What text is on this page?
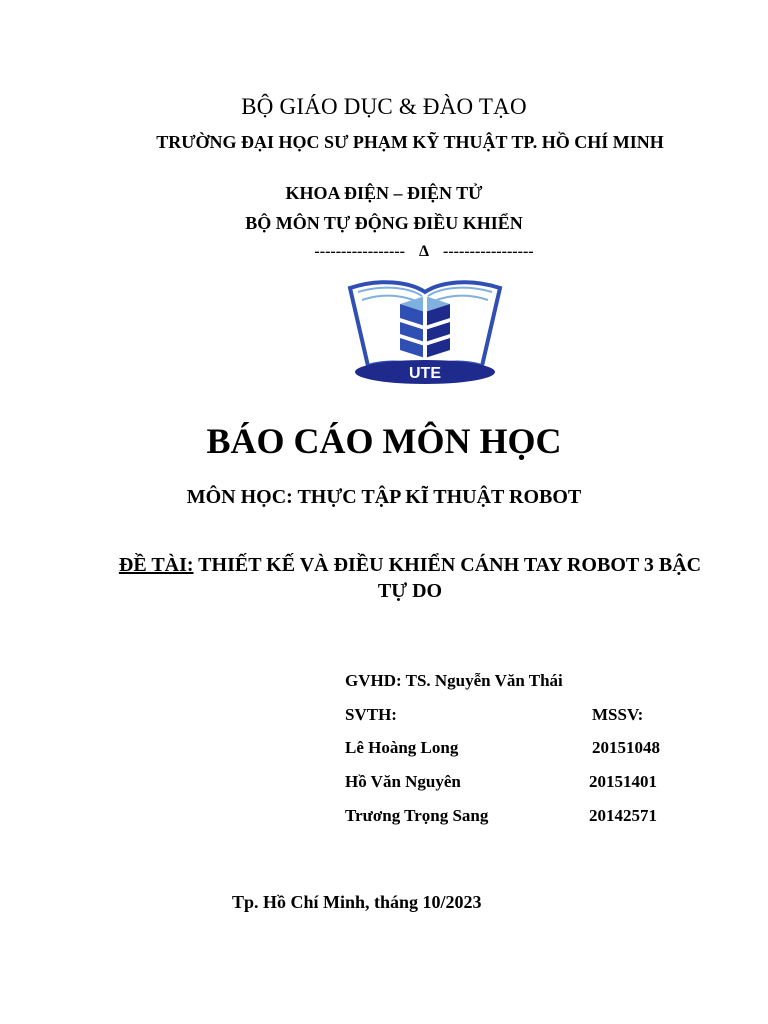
BỘ GIÁO DỤC & ĐÀO TẠO
TRƯỜNG ĐẠI HỌC SƯ PHẠM KỸ THUẬT TP. HỒ CHÍ MINH
KHOA ĐIỆN – ĐIỆN TỬ
BỘ MÔN TỰ ĐỘNG ĐIỀU KHIỂN
----------------- Δ -----------------
UTE
BÁO CÁO MÔN HỌC
MÔN HỌC: THỰC TẬP KĨ THUẬT ROBOT
ĐỀ TÀI: THIẾT KẾ VÀ ĐIỀU KHIỂN CÁNH TAY ROBOT 3 BẬC TỰ DO
GVHD: TS. Nguyễn Văn Thái
SVTH:	MSSV:
Lê Hoàng Long	20151048
Hồ Văn Nguyên	20151401
Trương Trọng Sang	20142571
Tp. Hồ Chí Minh, tháng 10/2023
